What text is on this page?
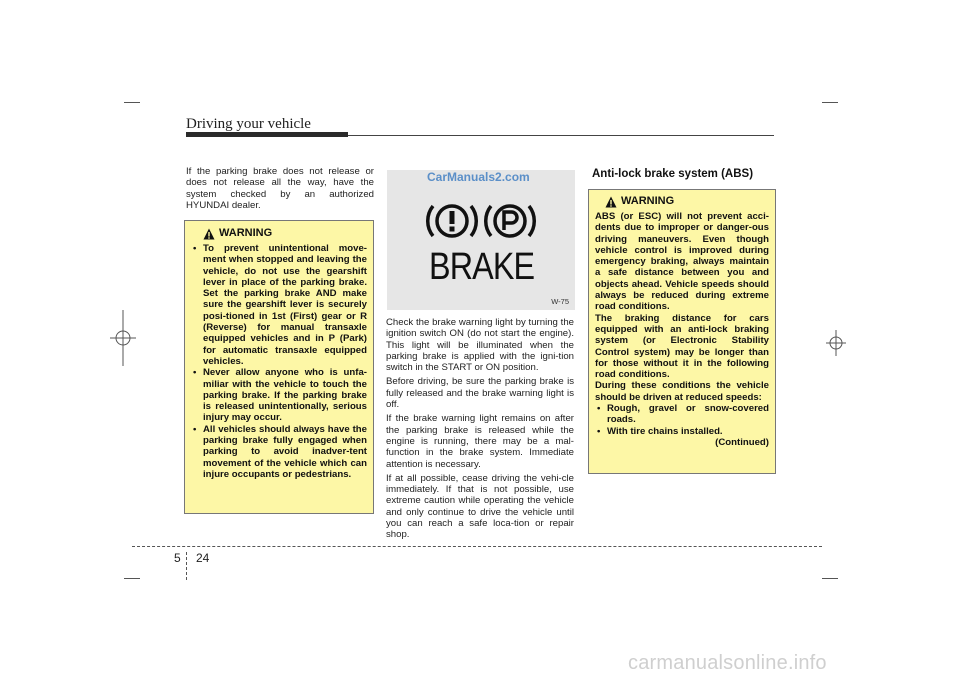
Driving your vehicle

If the parking brake does not release or does not release all the way, have the system checked by an authorized HYUNDAI dealer.

WARNING
• To prevent unintentional move-ment when stopped and leaving the vehicle, do not use the gearshift lever in place of the parking brake. Set the parking brake AND make sure the gearshift lever is securely posi-tioned in 1st (First) gear or R (Reverse) for manual transaxle equipped vehicles and in P (Park) for automatic transaxle equipped vehicles.
• Never allow anyone who is unfa-miliar with the vehicle to touch the parking brake. If the parking brake is released unintentionally, serious injury may occur.
• All vehicles should always have the parking brake fully engaged when parking to avoid inadver-tent movement of the vehicle which can injure occupants or pedestrians.
CarManuals2.com
BRAKE
W-75

Check the brake warning light by turning the ignition switch ON (do not start the engine). This light will be illuminated when the parking brake is applied with the igni-tion switch in the START or ON position.

Before driving, be sure the parking brake is fully released and the brake warning light is off.

If the brake warning light remains on after the parking brake is released while the engine is running, there may be a mal-function in the brake system. Immediate attention is necessary.

If at all possible, cease driving the vehi-cle immediately. If that is not possible, use extreme caution while operating the vehicle and only continue to drive the vehicle until you can reach a safe loca-tion or repair shop.

Anti-lock brake system (ABS)
WARNING

ABS (or ESC) will not prevent acci-dents due to improper or danger-ous driving maneuvers. Even though vehicle control is improved during emergency braking, always maintain a safe distance between you and objects ahead. Vehicle speeds should always be reduced during extreme road conditions.

The braking distance for cars equipped with an anti-lock braking system (or Electronic Stability Control system) may be longer than for those without it in the following road conditions.

During these conditions the vehicle should be driven at reduced speeds:

• Rough, gravel or snow-covered roads.
• With tire chains installed.
(Continued)
5 24
carmanualsonline.info
